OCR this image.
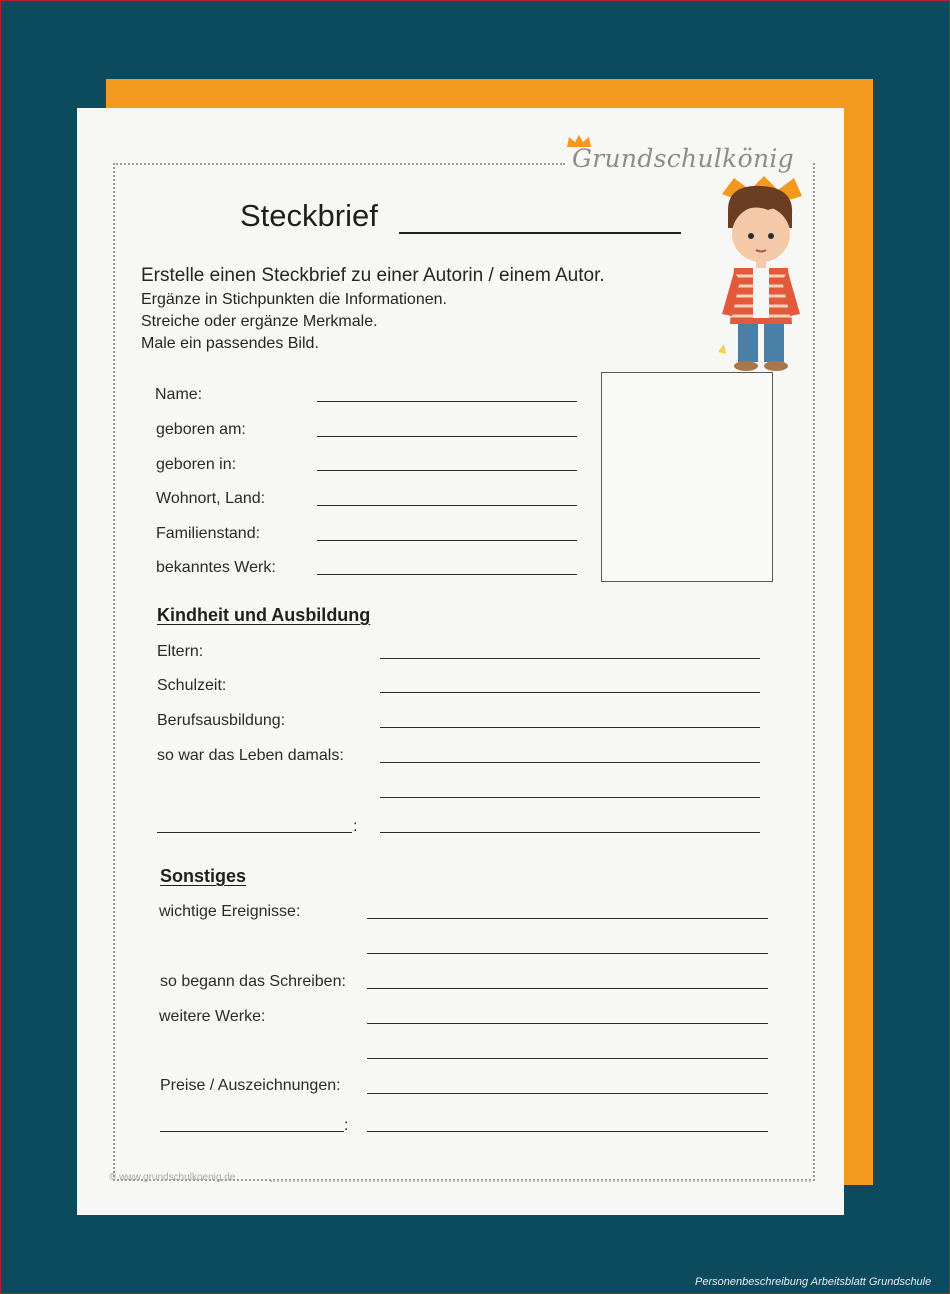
Grundschulkönig
Steckbrief
Erstelle einen Steckbrief zu einer Autorin / einem Autor.
Ergänze in Stichpunkten die Informationen.
Streiche oder ergänze Merkmale.
Male ein passendes Bild.
Name:
geboren am:
geboren in:
Wohnort, Land:
Familienstand:
bekanntes Werk:
Kindheit und Ausbildung
Eltern:
Schulzeit:
Berufsausbildung:
so war das Leben damals:
:
Sonstiges
wichtige Ereignisse:
so begann das Schreiben:
weitere Werke:
Preise / Auszeichnungen:
:
© www.grundschulkoenig.de
Personenbeschreibung Arbeitsblatt Grundschule
